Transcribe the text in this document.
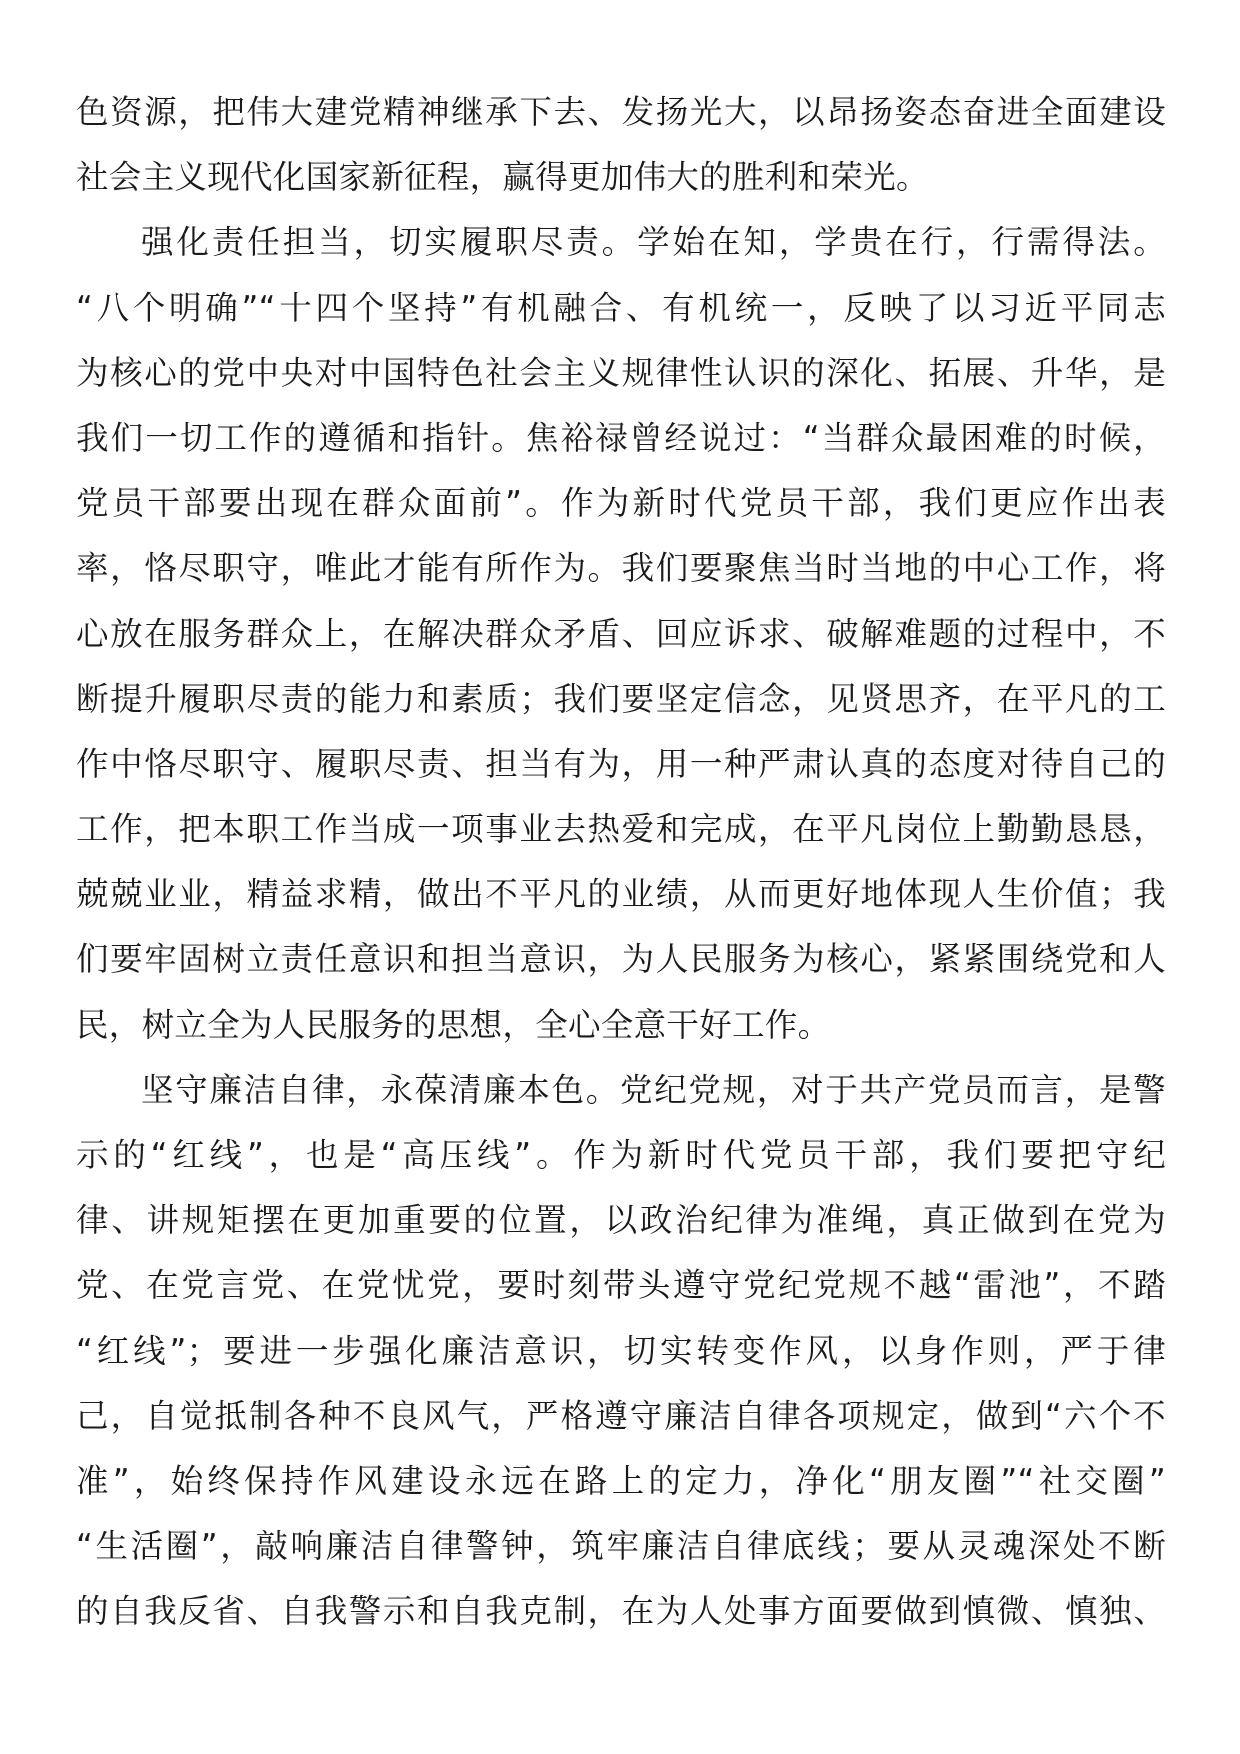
色资源，把伟大建党精神继承下去、发扬光大，以昂扬姿态奋进全面建设
社会主义现代化国家新征程，赢得更加伟大的胜利和荣光。
强化责任担当，切实履职尽责。学始在知，学贵在行，行需得法。
“八个明确”“十四个坚持”有机融合、有机统一，反映了以习近平同志
为核心的党中央对中国特色社会主义规律性认识的深化、拓展、升华，是
我们一切工作的遵循和指针。焦裕禄曾经说过：“当群众最困难的时候，
党员干部要出现在群众面前”。作为新时代党员干部，我们更应作出表
率，恪尽职守，唯此才能有所作为。我们要聚焦当时当地的中心工作，将
心放在服务群众上，在解决群众矛盾、回应诉求、破解难题的过程中，不
断提升履职尽责的能力和素质；我们要坚定信念，见贤思齐，在平凡的工
作中恪尽职守、履职尽责、担当有为，用一种严肃认真的态度对待自己的
工作，把本职工作当成一项事业去热爱和完成，在平凡岗位上勤勤恳恳，
兢兢业业，精益求精，做出不平凡的业绩，从而更好地体现人生价值；我
们要牢固树立责任意识和担当意识，为人民服务为核心，紧紧围绕党和人
民，树立全为人民服务的思想，全心全意干好工作。
坚守廉洁自律，永葆清廉本色。党纪党规，对于共产党员而言，是警
示的“红线”，也是“高压线”。作为新时代党员干部，我们要把守纪
律、讲规矩摆在更加重要的位置，以政治纪律为准绳，真正做到在党为
党、在党言党、在党忧党，要时刻带头遵守党纪党规不越“雷池”，不踏
“红线”；要进一步强化廉洁意识，切实转变作风，以身作则，严于律
己，自觉抵制各种不良风气，严格遵守廉洁自律各项规定，做到“六个不
准”，始终保持作风建设永远在路上的定力，净化“朋友圈”“社交圈”
“生活圈”，敲响廉洁自律警钟，筑牢廉洁自律底线；要从灵魂深处不断
的自我反省、自我警示和自我克制，在为人处事方面要做到慎微、慎独、
